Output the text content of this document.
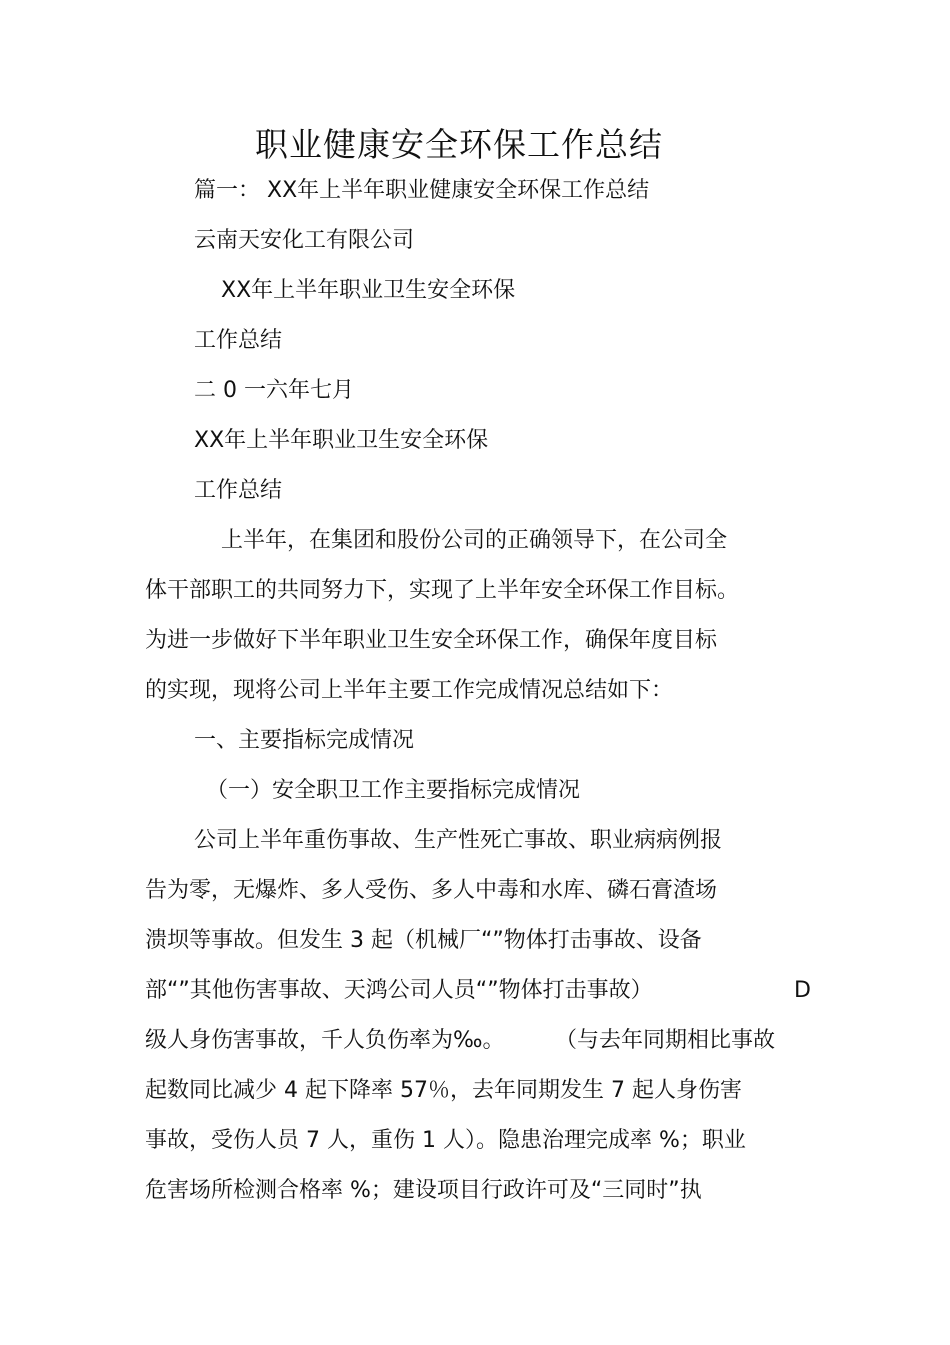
职业健康安全环保工作总结
篇一： XX年上半年职业健康安全环保工作总结
云南天安化工有限公司
XX年上半年职业卫生安全环保
工作总结
二 0 一六年七月
XX年上半年职业卫生安全环保
工作总结
上半年，在集团和股份公司的正确领导下，在公司全
体干部职工的共同努力下，实现了上半年安全环保工作目标。
为进一步做好下半年职业卫生安全环保工作，确保年度目标
的实现，现将公司上半年主要工作完成情况总结如下：
一、主要指标完成情况
（一）安全职卫工作主要指标完成情况
公司上半年重伤事故、生产性死亡事故、职业病病例报
告为零，无爆炸、多人受伤、多人中毒和水库、磷石膏渣场
溃坝等事故。但发生 3 起（机械厂“”物体打击事故、设备
部“”其他伤害事故、天鸿公司人员“”物体打击事故）	D
级人身伤害事故，千人负伤率为‰。 （与去年同期相比事故
起数同比减少 4 起下降率 57％，去年同期发生 7 起人身伤害
事故，受伤人员 7 人，重伤 1 人）。隐患治理完成率 %；职业
危害场所检测合格率 %；建设项目行政许可及“三同时”执
